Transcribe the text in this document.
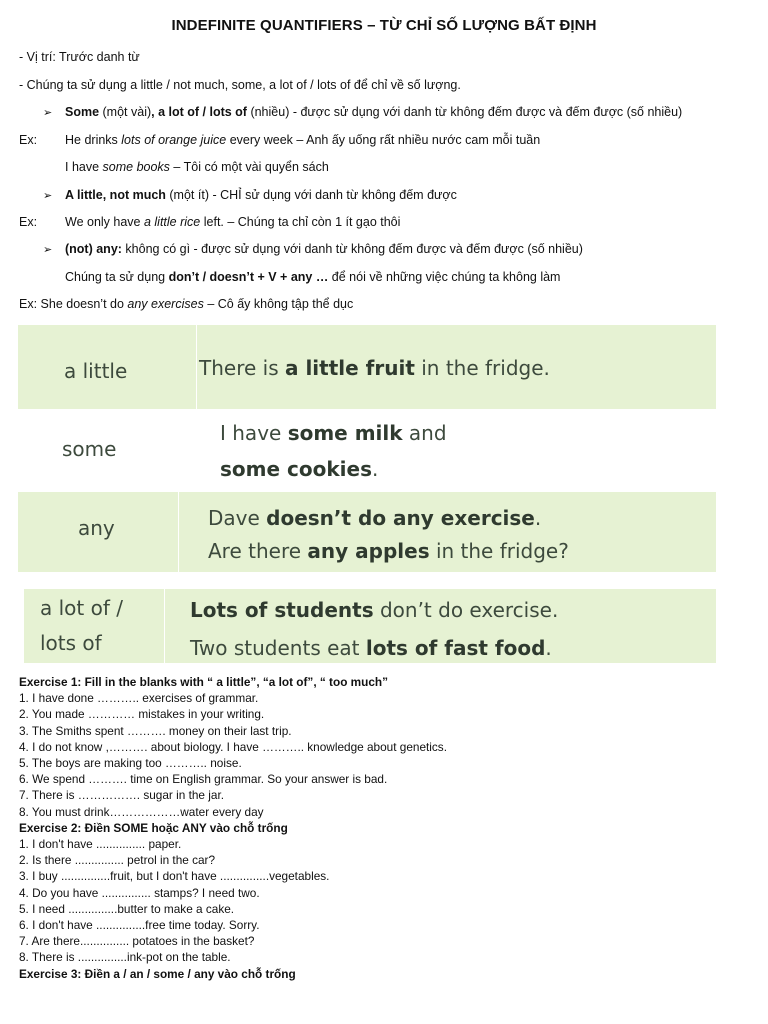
INDEFINITE QUANTIFIERS – TỪ CHỈ SỐ LƯỢNG BẤT ĐỊNH
- Vị trí: Trước danh từ
- Chúng ta sử dụng a little / not much, some, a lot of / lots of để chỉ về số lượng.
➢ Some (một vài), a lot of / lots of (nhiều) - được sử dụng với danh từ không đếm được và đếm được (số nhiều)
Ex: He drinks lots of orange juice every week – Anh ấy uống rất nhiều nước cam mỗi tuần
I have some books – Tôi có một vài quyển sách
➢ A little, not much (một ít) - CHỈ sử dụng với danh từ không đếm được
Ex: We only have a little rice left. – Chúng ta chỉ còn 1 ít gạo thôi
➢ (not) any: không có gì - được sử dụng với danh từ không đếm được và đếm được (số nhiều)
Chúng ta sử dụng don’t / doesn’t + V + any … để nói về những việc chúng ta không làm
Ex: She doesn’t do any exercises – Cô ấy không tập thể dục
a little	There is a little fruit in the fridge.
some
I have some milk and
some cookies.
any	Dave doesn’t do any exercise.
Are there any apples in the fridge?
a lot of /
lots of
Lots of students don’t do exercise.
Two students eat lots of fast food.
Exercise 1: Fill in the blanks with “ a little”, “a lot of”, “ too much”
1. I have done ……….. exercises of grammar.
2. You made ………… mistakes in your writing.
3. The Smiths spent ………. money on their last trip.
4. I do not know ,………. about biology. I have ……….. knowledge about genetics.
5. The boys are making too ……….. noise.
6. We spend ………. time on English grammar. So your answer is bad.
7. There is ……………. sugar in the jar.
8. You must drink………………water every day
Exercise 2: Điền SOME hoặc ANY vào chỗ trống
1. I don't have ............... paper.
2. Is there ............... petrol in the car?
3. I buy ...............fruit, but I don't have ...............vegetables.
4. Do you have ............... stamps? I need two.
5. I need ...............butter to make a cake.
6. I don't have ...............free time today. Sorry.
7. Are there............... potatoes in the basket?
8. There is ...............ink-pot on the table.
Exercise 3: Điền a / an / some / any vào chỗ trống
